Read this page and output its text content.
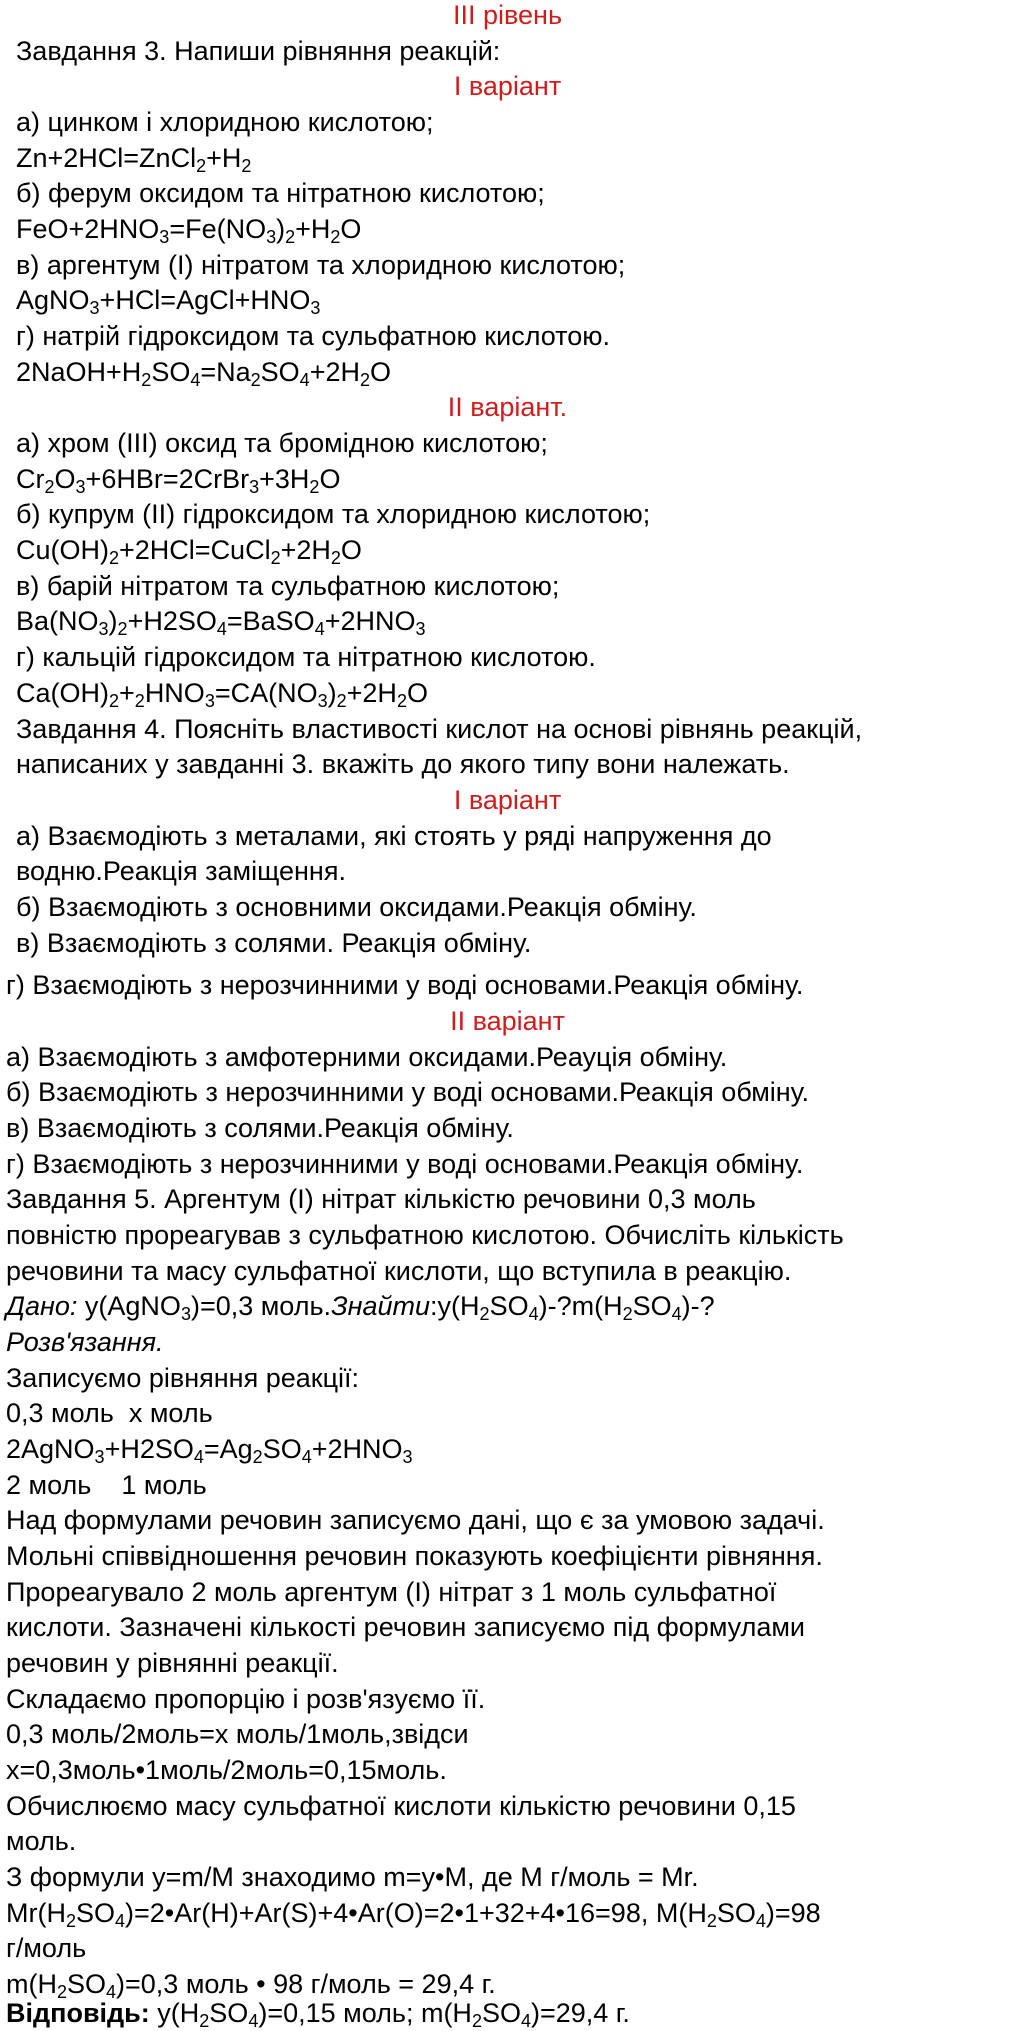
ІІІ рівень
Завдання 3. Напиши рівняння реакцій:
І варіант
а) цинком і хлоридною кислотою;
$Zn+2HCl=ZnCl_2+H_2$
б) ферум оксидом та нітратною кислотою;
$FeO+2HNO_3=Fe(NO_3)_2+H_2O$
в) аргентум (І) нітратом та хлоридною кислотою;
$AgNO_3+HCl=AgCl+HNO_3$
г) натрій гідроксидом та сульфатною кислотою.
$2NaOH+H_2SO_4=Na_2SO_4+2H_2O$
ІІ варіант.
а) хром (ІІІ) оксид та бромідною кислотою;
$Cr_2O_3+6HBr=2CrBr_3+3H_2O$
б) купрум (ІІ) гідроксидом та хлоридною кислотою;
$Cu(OH)_2+2HCl=CuCl_2+2H_2O$
в) барій нітратом та сульфатною кислотою;
$Ba(NO_3)_2+H2SO_4=BaSO_4+2HNO_3$
г) кальцій гідроксидом та нітратною кислотою.
$Ca(OH)_2+_2HNO_3=CA(NO_3)_2+2H_2O$
Завдання 4. Поясніть властивості кислот на основі рівнянь реакцій,
написаних у завданні 3. вкажіть до якого типу вони належать.
І варіант
а) Взаємодіють з металами, які стоять у ряді напруження до
водню.Реакція заміщення.
б) Взаємодіють з основними оксидами.Реакція обміну.
в) Взаємодіють з солями. Реакція обміну.
г) Взаємодіють з нерозчинними у воді основами.Реакція обміну.
ІІ варіант
а) Взаємодіють з амфотерними оксидами.Реауція обміну.
б) Взаємодіють з нерозчинними у воді основами.Реакція обміну.
в) Взаємодіють з солями.Реакція обміну.
г) Взаємодіють з нерозчинними у воді основами.Реакція обміну.
Завдання 5. Аргентум (І) нітрат кількістю речовини 0,3 моль
повністю прореагував з сульфатною кислотою. Обчисліть кількість
речовини та масу сульфатної кислоти, що вступила в реакцію.
Дано: y(AgNO$_3$)=0,3 $моль.Знайти:y(H_2SO_4)-?m(H_2SO_4)-$?
Розв'язання.
Записуємо рівняння реакції:
0,3 моль  х моль
$2AgNO_3+H2SO_4=Ag_2SO_4+2HNO_3$
2 моль    1 моль
Над формулами речовин записуємо дані, що є за умовою задачі.
Мольні співвідношення речовин показують коефіцієнти рівняння.
Прореагувало 2 моль аргентум (І) нітрат з 1 моль сульфатної
кислоти. Зазначені кількості речовин записуємо під формулами
речовин у рівнянні реакції.
Складаємо пропорцію і розв'язуємо її.
0,3 моль/2моль=х моль/1моль,звідси
х=0,3моль•1моль/2моль=0,15моль.
Обчислюємо масу сульфатної кислоти кількістю речовини 0,15
моль.
З формули y=m/M знаходимо m=y•M, де М г/моль = Mr.
$Mr(H_2SO_4)=2•Ar(H)+Ar(S)+4•Ar(O)=2•1+32+4•16=98$, $M(H_2SO_4)=98$
г/моль
$m(H_2SO_4)=0,3$ моль • 98 г/моль = 29,4 г.
Відповідь: $y(H_2SO_4)=0,15$ моль; $m(H_2SO_4)=29,4$ г.
